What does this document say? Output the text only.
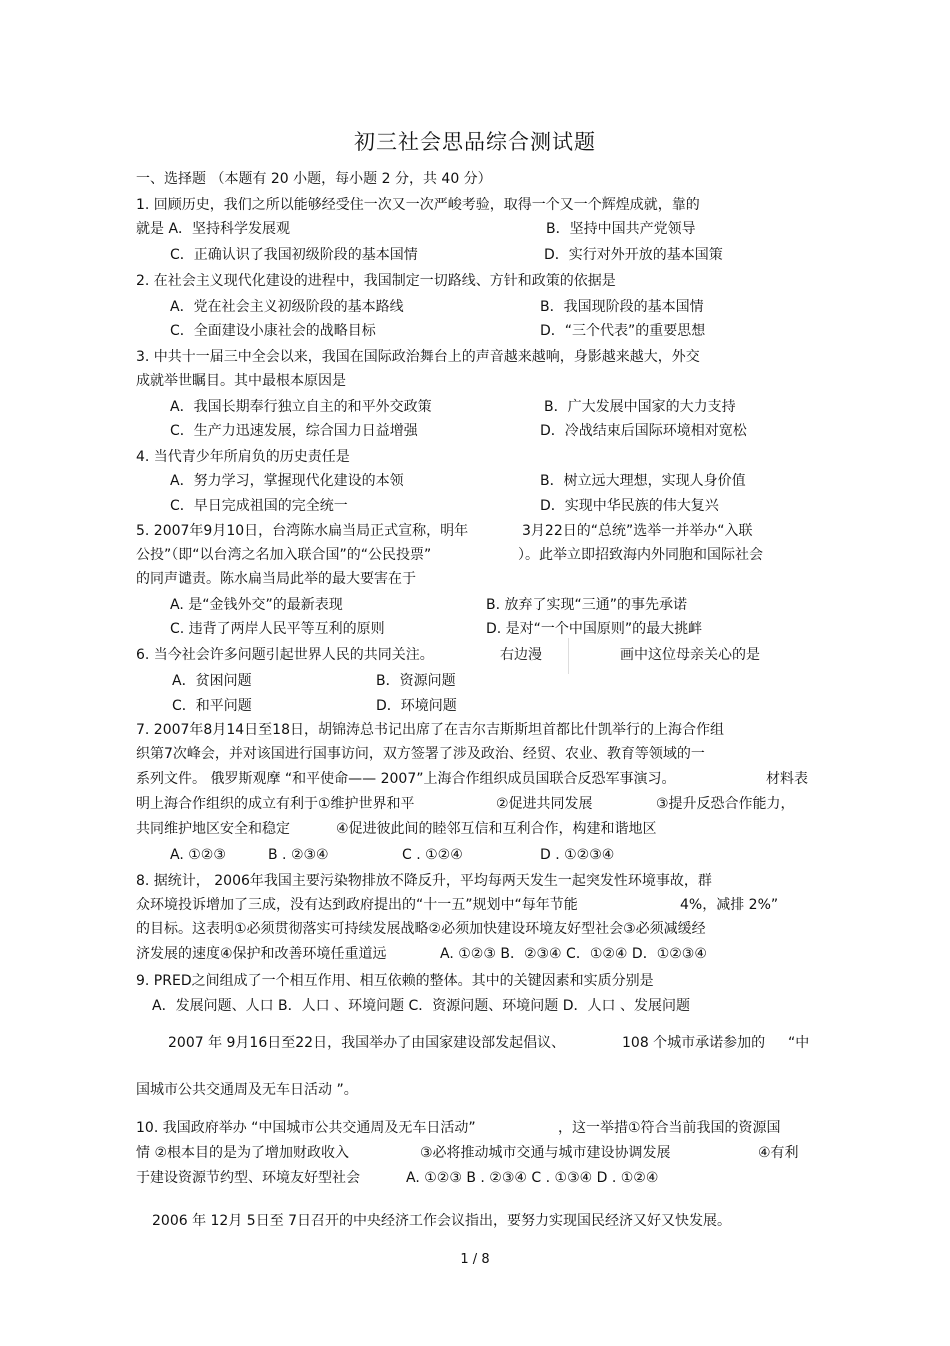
初三社会思品综合测试题
一、选择题 （本题有 20 小题，每小题 2 分，共 40 分）
1. 回顾历史，我们之所以能够经受住一次又一次严峻考验，取得一个又一个辉煌成就，靠的
就是 A．坚持科学发展观	B．坚持中国共产党领导
C．正确认识了我国初级阶段的基本国情	D．实行对外开放的基本国策
2. 在社会主义现代化建设的进程中，我国制定一切路线、方针和政策的依据是
A．党在社会主义初级阶段的基本路线	B．我国现阶段的基本国情
C．全面建设小康社会的战略目标	D．“三个代表”的重要思想
3. 中共十一届三中全会以来，我国在国际政治舞台上的声音越来越响，身影越来越大，外交
成就举世瞩目。其中最根本原因是
A．我国长期奉行独立自主的和平外交政策	B．广大发展中国家的大力支持
C．生产力迅速发展，综合国力日益增强	D．冷战结束后国际环境相对宽松
4. 当代青少年所肩负的历史责任是
A．努力学习，掌握现代化建设的本领	B．树立远大理想，实现人身价值
C．早日完成祖国的完全统一	D．实现中华民族的伟大复兴
5. 2007年9月10日，台湾陈水扁当局正式宣称，明年	3月22日的“总统”选举一并举办“入联
公投”（即“以台湾之名加入联合国”的“公民投票”	）。此举立即招致海内外同胞和国际社会
的同声谴责。陈水扁当局此举的最大要害在于
A. 是“金钱外交”的最新表现	B. 放弃了实现“三通”的事先承诺
C. 违背了两岸人民平等互利的原则	D. 是对“一个中国原则”的最大挑衅
6. 当今社会许多问题引起世界人民的共同关注。	右边漫	画中这位母亲关心的是
A．贫困问题	B．资源问题
C．和平问题	D．环境问题
7. 2007年8月14日至18日，胡锦涛总书记出席了在吉尔吉斯斯坦首都比什凯举行的上海合作组
织第7次峰会，并对该国进行国事访问，双方签署了涉及政治、经贸、农业、教育等领域的一
系列文件。 俄罗斯观摩 “和平使命—— 2007”上海合作组织成员国联合反恐军事演习。	材料表
明上海合作组织的成立有利于①维护世界和平	②促进共同发展	③提升反恐合作能力，
共同维护地区安全和稳定	④促进彼此间的睦邻互信和互利合作，构建和谐地区
A. ①②③	B . ②③④	C . ①②④	D . ①②③④
8. 据统计， 2006年我国主要污染物排放不降反升，平均每两天发生一起突发性环境事故，群
众环境投诉增加了三成，没有达到政府提出的“十一五”规划中“每年节能	4%，减排 2%”
的目标。这表明①必须贯彻落实可持续发展战略②必须加快建设环境友好型社会③必须减缓经
济发展的速度④保护和改善环境任重道远	A. ①②③ B．②③④ C．①②④ D．①②③④
9. PRED之间组成了一个相互作用、相互依赖的整体。其中的关键因素和实质分别是
A．发展问题、人口 B．人口 、环境问题 C．资源问题、环境问题 D．人口 、发展问题
2007 年 9月16日至22日，我国举办了由国家建设部发起倡议、	108 个城市承诺参加的 “中
国城市公共交通周及无车日活动 ”。
10. 我国政府举办 “中国城市公共交通周及无车日活动”	，这一举措①符合当前我国的资源国
情 ②根本目的是为了增加财政收入	③必将推动城市交通与城市建设协调发展	④有利
于建设资源节约型、环境友好型社会	A. ①②③ B . ②③④ C . ①③④ D . ①②④
2006 年 12月 5日至 7日召开的中央经济工作会议指出，要努力实现国民经济又好又快发展。
1 / 8
